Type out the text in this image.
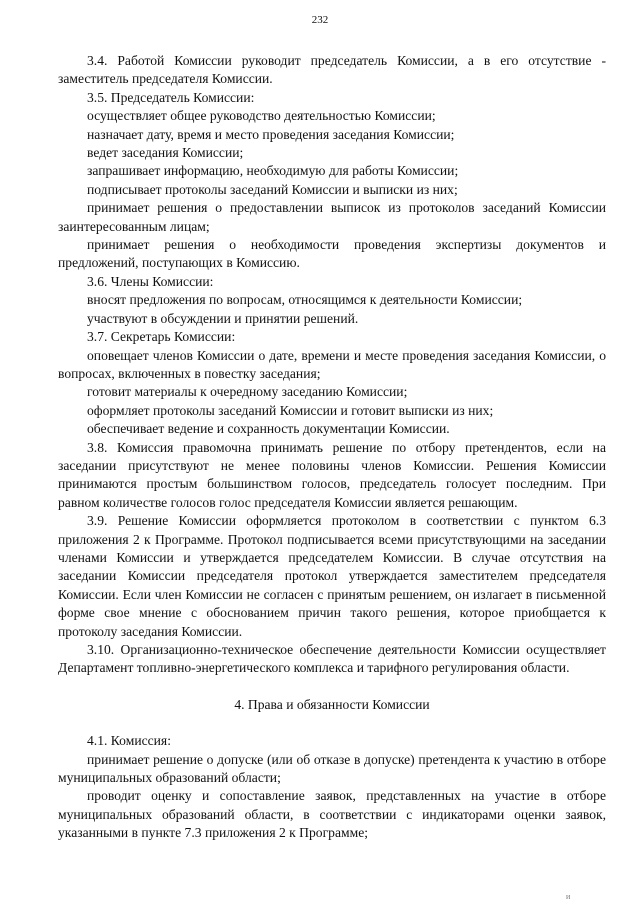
232

3.4. Работой Комиссии руководит председатель Комиссии, а в его отсутствие - заместитель председателя Комиссии.

3.5. Председатель Комиссии:

осуществляет общее руководство деятельностью Комиссии;

назначает дату, время и место проведения заседания Комиссии;

ведет заседания Комиссии;

запрашивает информацию, необходимую для работы Комиссии;

подписывает протоколы заседаний Комиссии и выписки из них;

принимает решения о предоставлении выписок из протоколов заседаний Комиссии заинтересованным лицам;

принимает решения о необходимости проведения экспертизы документов и предложений, поступающих в Комиссию.

3.6. Члены Комиссии:

вносят предложения по вопросам, относящимся к деятельности Комиссии;

участвуют в обсуждении и принятии решений.

3.7. Секретарь Комиссии:

оповещает членов Комиссии о дате, времени и месте проведения заседания Комиссии, о вопросах, включенных в повестку заседания;

готовит материалы к очередному заседанию Комиссии;

оформляет протоколы заседаний Комиссии и готовит выписки из них;

обеспечивает ведение и сохранность документации Комиссии.

3.8. Комиссия правомочна принимать решение по отбору претендентов, если на заседании присутствуют не менее половины членов Комиссии. Решения Комиссии принимаются простым большинством голосов, председатель голосует последним. При равном количестве голосов голос председателя Комиссии является решающим.

3.9. Решение Комиссии оформляется протоколом в соответствии с пунктом 6.3 приложения 2 к Программе. Протокол подписывается всеми присутствующими на заседании членами Комиссии и утверждается председателем Комиссии. В случае отсутствия на заседании Комиссии председателя протокол утверждается заместителем председателя Комиссии. Если член Комиссии не согласен с принятым решением, он излагает в письменной форме свое мнение с обоснованием причин такого решения, которое приобщается к протоколу заседания Комиссии.

3.10. Организационно-техническое обеспечение деятельности Комиссии осуществляет Департамент топливно-энергетического комплекса и тарифного регулирования области.

4. Права и обязанности Комиссии

4.1. Комиссия:

принимает решение о допуске (или об отказе в допуске) претендента к участию в отборе муниципальных образований области;

проводит оценку и сопоставление заявок, представленных на участие в отборе муниципальных образований области, в соответствии с индикаторами оценки заявок, указанными в пункте 7.3 приложения 2 к Программе;

и
